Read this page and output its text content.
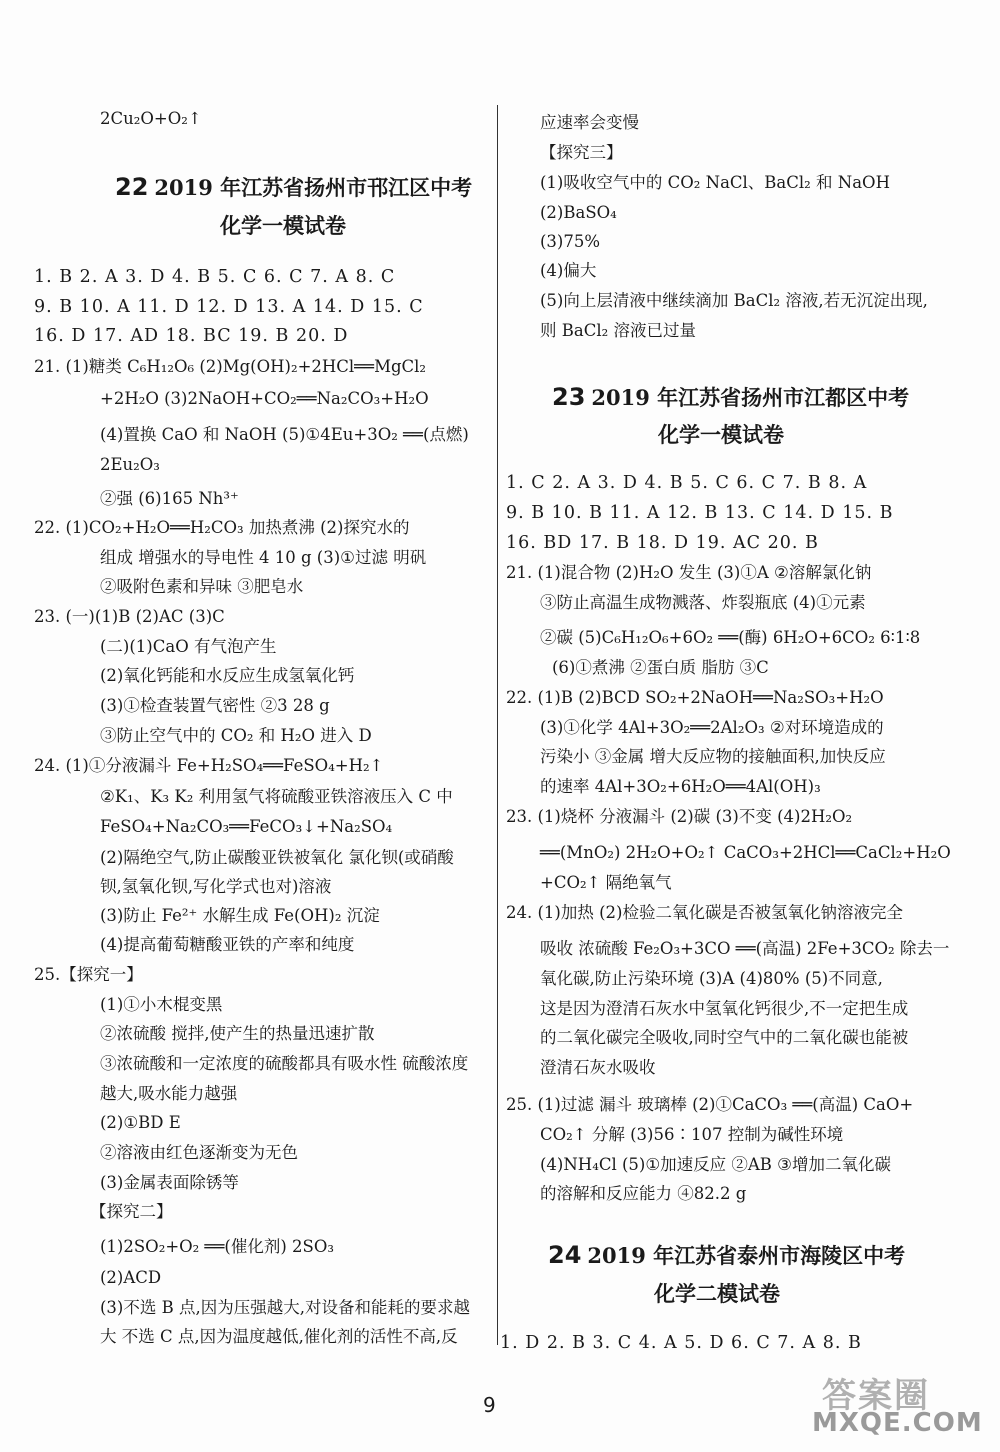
2Cu₂O+O₂↑
22 2019 年江苏省扬州市邗江区中考
化学一模试卷
1. B 2. A 3. D 4. B 5. C 6. C 7. A 8. C
9. B 10. A 11. D 12. D 13. A 14. D 15. C
16. D 17. AD 18. BC 19. B 20. D
21. (1)糖类 C₆H₁₂O₆ (2)Mg(OH)₂+2HCl══MgCl₂
+2H₂O (3)2NaOH+CO₂══Na₂CO₃+H₂O
(4)置换 CaO 和 NaOH (5)①4Eu+3O₂ ══(点燃)
2Eu₂O₃
②强 (6)165 Nh³⁺
22. (1)CO₂+H₂O══H₂CO₃ 加热煮沸 (2)探究水的
组成 增强水的导电性 4 10 g (3)①过滤 明矾
②吸附色素和异味 ③肥皂水
23. (一)(1)B (2)AC (3)C
(二)(1)CaO 有气泡产生
(2)氧化钙能和水反应生成氢氧化钙
(3)①检查装置气密性 ②3 28 g
③防止空气中的 CO₂ 和 H₂O 进入 D
24. (1)①分液漏斗 Fe+H₂SO₄══FeSO₄+H₂↑
②K₁、K₃ K₂ 利用氢气将硫酸亚铁溶液压入 C 中
FeSO₄+Na₂CO₃══FeCO₃↓+Na₂SO₄
(2)隔绝空气,防止碳酸亚铁被氧化 氯化钡(或硝酸
钡,氢氧化钡,写化学式也对)溶液
(3)防止 Fe²⁺ 水解生成 Fe(OH)₂ 沉淀
(4)提高葡萄糖酸亚铁的产率和纯度
25.【探究一】
(1)①小木棍变黑
②浓硫酸 搅拌,使产生的热量迅速扩散
③浓硫酸和一定浓度的硫酸都具有吸水性 硫酸浓度
越大,吸水能力越强
(2)①BD E
②溶液由红色逐渐变为无色
(3)金属表面除锈等
【探究二】
(1)2SO₂+O₂ ══(催化剂) 2SO₃
(2)ACD
(3)不选 B 点,因为压强越大,对设备和能耗的要求越
大 不选 C 点,因为温度越低,催化剂的活性不高,反
应速率会变慢
【探究三】
(1)吸收空气中的 CO₂ NaCl、BaCl₂ 和 NaOH
(2)BaSO₄
(3)75%
(4)偏大
(5)向上层清液中继续滴加 BaCl₂ 溶液,若无沉淀出现,
则 BaCl₂ 溶液已过量
23 2019 年江苏省扬州市江都区中考
化学一模试卷
1. C 2. A 3. D 4. B 5. C 6. C 7. B 8. A
9. B 10. B 11. A 12. B 13. C 14. D 15. B
16. BD 17. B 18. D 19. AC 20. B
21. (1)混合物 (2)H₂O 发生 (3)①A ②溶解氯化钠
③防止高温生成物溅落、炸裂瓶底 (4)①元素
②碳 (5)C₆H₁₂O₆+6O₂ ══(酶) 6H₂O+6CO₂ 6∶1∶8
(6)①煮沸 ②蛋白质 脂肪 ③C
22. (1)B (2)BCD SO₂+2NaOH══Na₂SO₃+H₂O
(3)①化学 4Al+3O₂══2Al₂O₃ ②对环境造成的
污染小 ③金属 增大反应物的接触面积,加快反应
的速率 4Al+3O₂+6H₂O══4Al(OH)₃
23. (1)烧杯 分液漏斗 (2)碳 (3)不变 (4)2H₂O₂
══(MnO₂) 2H₂O+O₂↑ CaCO₃+2HCl══CaCl₂+H₂O
+CO₂↑ 隔绝氧气
24. (1)加热 (2)检验二氧化碳是否被氢氧化钠溶液完全
吸收 浓硫酸 Fe₂O₃+3CO ══(高温) 2Fe+3CO₂ 除去一
氧化碳,防止污染环境 (3)A (4)80% (5)不同意,
这是因为澄清石灰水中氢氧化钙很少,不一定把生成
的二氧化碳完全吸收,同时空气中的二氧化碳也能被
澄清石灰水吸收
25. (1)过滤 漏斗 玻璃棒 (2)①CaCO₃ ══(高温) CaO+
CO₂↑ 分解 (3)56∶107 控制为碱性环境
(4)NH₄Cl (5)①加速反应 ②AB ③增加二氧化碳
的溶解和反应能力 ④82.2 g
24 2019 年江苏省泰州市海陵区中考
化学二模试卷
1. D 2. B 3. C 4. A 5. D 6. C 7. A 8. B
9	答案圈
MXQE.COM
